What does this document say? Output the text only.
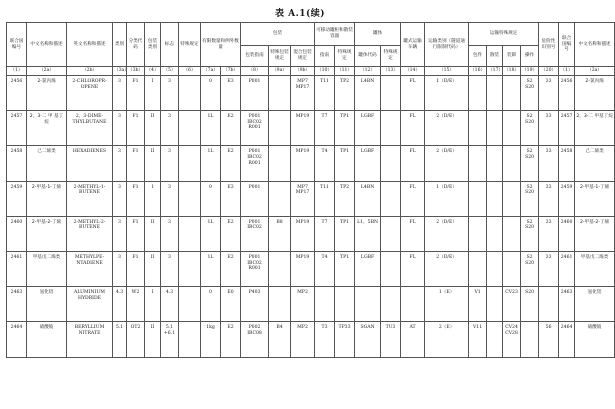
表 A.1(续)
联合国编号	中文名称和描述	英文名称和描述	类别	分类代码	包装类别	标志	特殊规定	有限数量和例外数量		包装			可移动罐柜和散装容器		罐体		罐式运输车辆	运输类别（隧道通行限制代码）	运输特殊规定				危险性识别号	联合国编号	中文名称和描述
										包装指南	特殊包装规定	混合包装规定	指南	特殊规定	罐体代码	特殊规定			包件	散装	装卸	操作			
（1）	（2a）	（2b）	（3a）	（3b）	（4）	（5）	（6）	（7a）	（7b）	（8）	（9a）	（9b）	（10）	（11）	（12）	（13）	（14）	（15）	（16）	（17）	（18）	（19）	（20）	（1）	（2a）
2456	2-氯丙烯	2-CHLOROPR-OPENE	3	F1	I	3		0	E3	P001		MP7 MP17	T11	TP2	L4BN		FL	1（D/E）				S2 S20	33	2456	2-氯丙烯
2457	2，3-二 甲 基丁烷	2，3-DIME-THYLBUTANE	3	F1	II	3		1L	E2	P001 IBC02 R001		MP19	T7	TP1	LGBF		FL	2（D/E）				S2 S20	33	2457	2，3-二 甲基丁烷
2458	己二烯类	HEXADIENES	3	F1	II	3		1L	E2	P001 IBC02 R001		MP19	T4	TP1	LGBF		FL	2（D/E）				S2 S20	33	2458	己二烯类
2459	2-甲基-1-丁烯	2-METHYL-1-BUTENE	3	F1	I	3		0	E3	P001		MP7 MP17	T11	TP2	L4BN		FL	1（D/E）				S2 S20	33	2459	2-甲基-1-丁烯
2460	2-甲基-2-丁烯	2-METHYL-2-BUTENE	3	F1	II	3		1L	E2	P001 IBC02	B8	MP19	T7	TP1	L1，5BN		FL	2（D/E）				S2 S20	33	2460	2-甲基-2-丁烯
2461	甲基戊二烯类	METHYLPE-NTADIENE	3	F1	II	3		1L	E2	P001 IBC02 R001		MP19	T4	TP1	LGBF		FL	2（D/E）				S2 S20	33	2461	甲基戊二烯类
2463	氢化铝	ALUMINIUM HYDRIDE	4.3	W2	I	4.3		0	E0	P403		MP2						1（E）	V1		CV23	S20		2463	氢化铝
2464	硝酸铍	BERYLLIUM NITRATE	5.1	OT2	II	5.1 +6.1		1kg	E2	P002 IBC08	B4	MP2	T3	TP33	SGAN	TU3	AT	2（E）	V11		CV24 CV28		56	2464	硝酸铍
